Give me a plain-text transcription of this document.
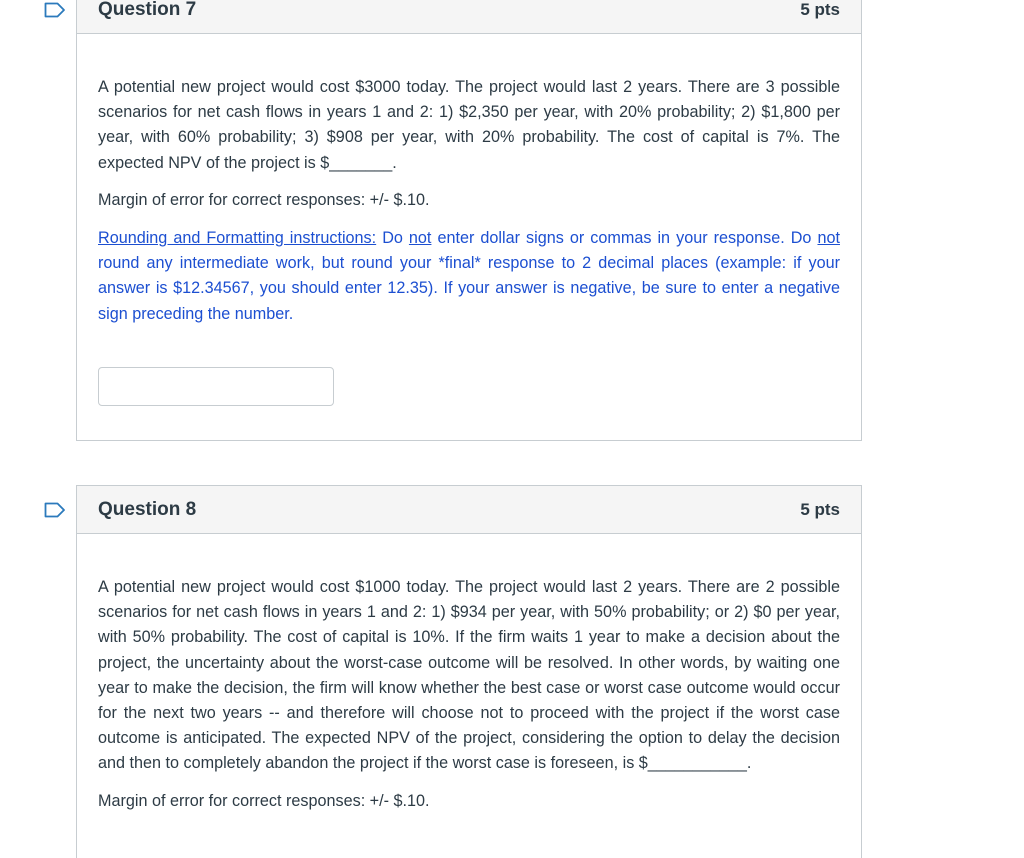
Question 7	5 pts

A potential new project would cost $3000 today. The project would last 2 years. There are 3 possible scenarios for net cash flows in years 1 and 2: 1) $2,350 per year, with 20% probability; 2) $1,800 per year, with 60% probability; 3) $908 per year, with 20% probability. The cost of capital is 7%. The expected NPV of the project is $_______.

Margin of error for correct responses: +/- $.10.

Rounding and Formatting instructions: Do not enter dollar signs or commas in your response. Do not round any intermediate work, but round your *final* response to 2 decimal places (example: if your answer is $12.34567, you should enter 12.35). If your answer is negative, be sure to enter a negative sign preceding the number.

Question 8	5 pts

A potential new project would cost $1000 today. The project would last 2 years. There are 2 possible scenarios for net cash flows in years 1 and 2: 1) $934 per year, with 50% probability; or 2) $0 per year, with 50% probability. The cost of capital is 10%. If the firm waits 1 year to make a decision about the project, the uncertainty about the worst-case outcome will be resolved. In other words, by waiting one year to make the decision, the firm will know whether the best case or worst case outcome would occur for the next two years -- and therefore will choose not to proceed with the project if the worst case outcome is anticipated. The expected NPV of the project, considering the option to delay the decision and then to completely abandon the project if the worst case is foreseen, is $___________.

Margin of error for correct responses: +/- $.10.
